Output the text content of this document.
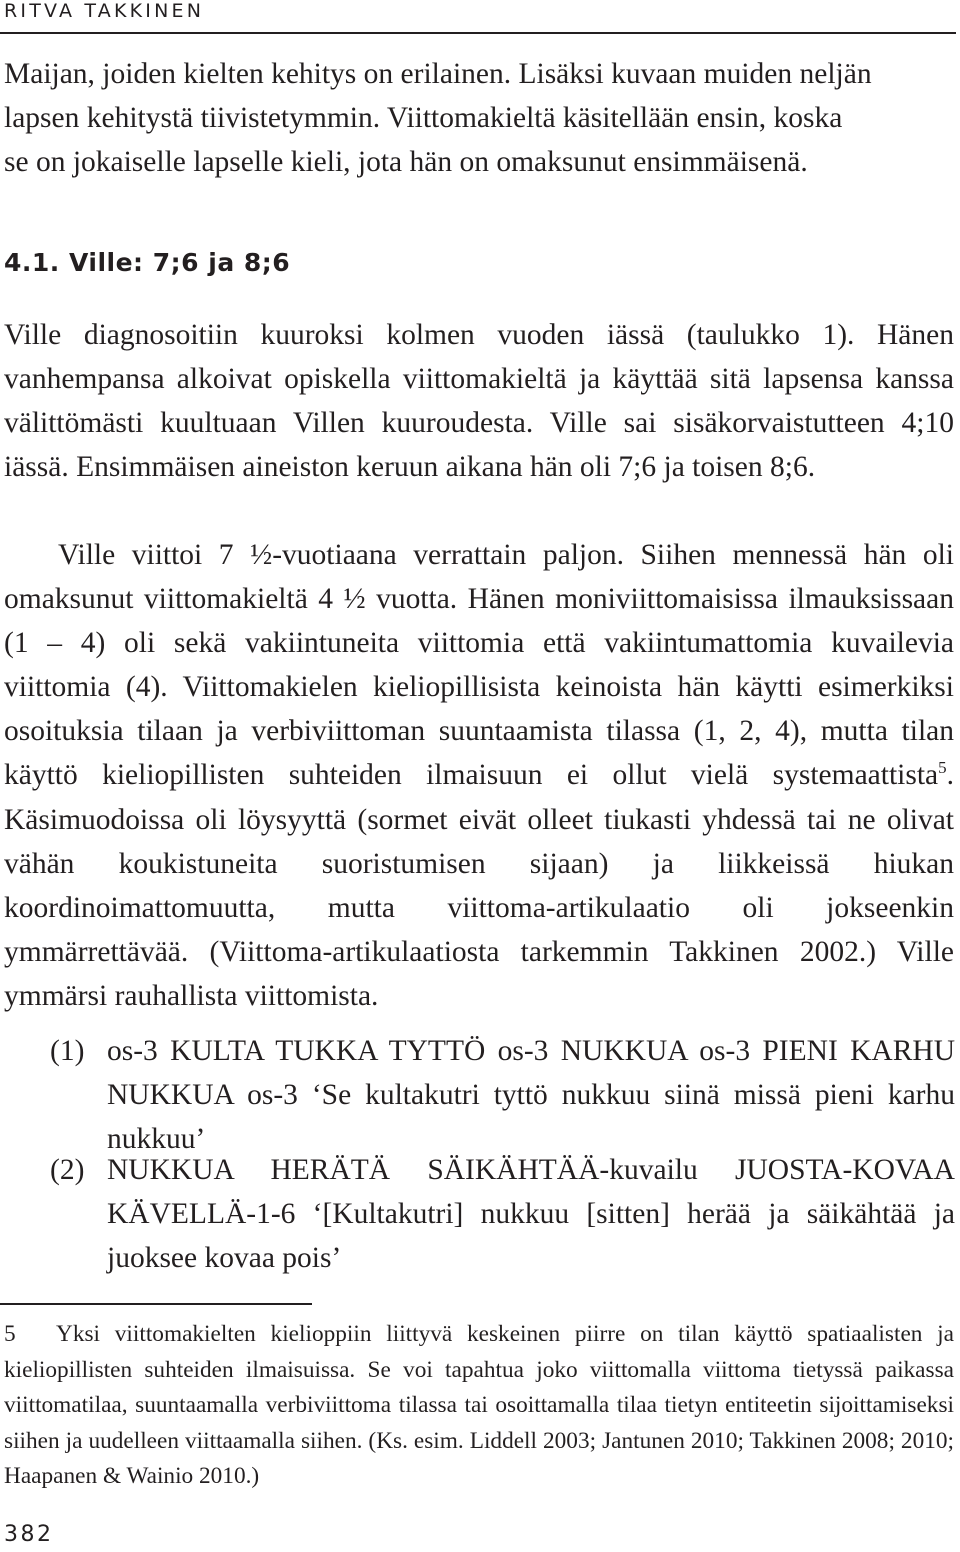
RITVA TAKKINEN
Maijan, joiden kielten kehitys on erilainen. Lisäksi kuvaan muiden neljän
lapsen kehitystä tiivistetymmin. Viittomakieltä käsitellään ensin, koska
se on jokaiselle lapselle kieli, jota hän on omaksunut ensimmäisenä.
4.1. Ville: 7;6 ja 8;6

Ville diagnosoitiin kuuroksi kolmen vuoden iässä (taulukko 1). Hänen vanhempansa alkoivat opiskella viittomakieltä ja käyttää sitä lapsensa kanssa välittömästi kuultuaan Villen kuuroudesta. Ville sai sisäkorvaistutteen 4;10 iässä. Ensimmäisen aineiston keruun aikana hän oli 7;6 ja toisen 8;6.

Ville viittoi 7 ½-vuotiaana verrattain paljon. Siihen mennessä hän oli omaksunut viittomakieltä 4 ½ vuotta. Hänen moniviittomaisissa ilmauksissaan (1 – 4) oli sekä vakiintuneita viittomia että vakiintumattomia kuvailevia viittomia (4). Viittomakielen kieliopillisista keinoista hän käytti esimerkiksi osoituksia tilaan ja verbiviittoman suuntaamista tilassa (1, 2, 4), mutta tilan käyttö kieliopillisten suhteiden ilmaisuun ei ollut vielä systemaattista$^5$. Käsimuodoissa oli löysyyttä (sormet eivät olleet tiukasti yhdessä tai ne olivat vähän koukistuneita suoristumisen sijaan) ja liikkeissä hiukan koordinoimattomuutta, mutta viittoma-artikulaatio oli jokseenkin ymmärrettävää. (Viittoma-artikulaatiosta tarkemmin Takkinen 2002.) Ville ymmärsi rauhallista viittomista.

(1) os-3 KULTA TUKKA TYTTÖ os-3 NUKKUA os-3 PIENI KARHU NUKKUA os-3 ‘Se kultakutri tyttö nukkuu siinä missä pieni karhu nukkuu’
(2) NUKKUA HERÄTÄ SÄIKÄHTÄÄ-kuvailu JUOSTA-KOVAA KÄVELLÄ-1-6 ‘[Kultakutri] nukkuu [sitten] herää ja säikähtää ja juoksee kovaa pois’

5 Yksi viittomakielten kielioppiin liittyvä keskeinen piirre on tilan käyttö spatiaalisten ja kieliopillisten suhteiden ilmaisuissa. Se voi tapahtua joko viittomalla viittoma tietyssä paikassa viittomatilaa, suuntaamalla verbiviittoma tilassa tai osoittamalla tilaa tietyn entiteetin sijoittamiseksi siihen ja uudelleen viittaamalla siihen. (Ks. esim. Liddell 2003; Jantunen 2010; Takkinen 2008; 2010; Haapanen & Wainio 2010.)

382
